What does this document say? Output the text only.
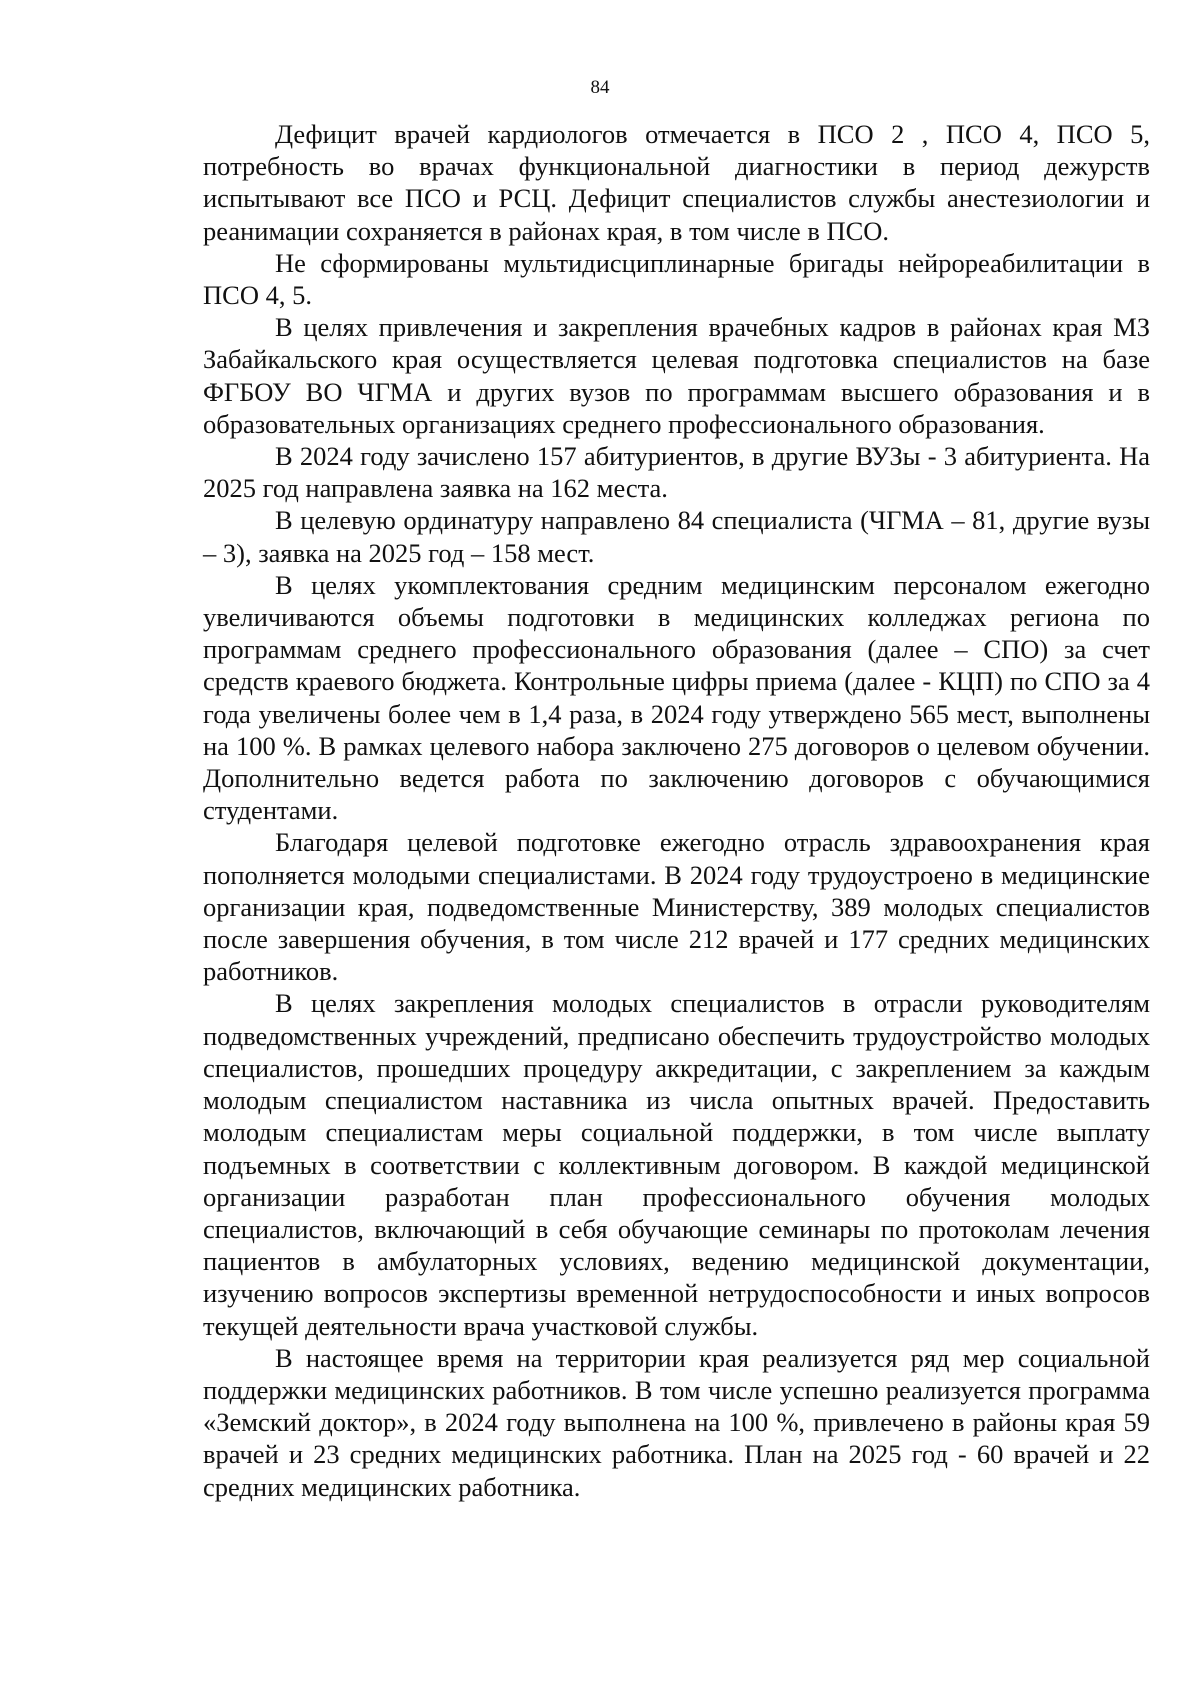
84

Дефицит врачей кардиологов отмечается в ПСО 2 , ПСО 4, ПСО 5, потребность во врачах функциональной диагностики в период дежурств испытывают все ПСО и РСЦ. Дефицит специалистов службы анестезиологии и реанимации сохраняется в районах края, в том числе в ПСО.

Не сформированы мультидисциплинарные бригады нейрореабилитации в ПСО 4, 5.

В целях привлечения и закрепления врачебных кадров в районах края МЗ Забайкальского края осуществляется целевая подготовка специалистов на базе ФГБОУ ВО ЧГМА и других вузов по программам высшего образования и в образовательных организациях среднего профессионального образования.

В 2024 году зачислено 157 абитуриентов, в другие ВУЗы - 3 абитуриента. На 2025 год направлена заявка на 162 места.

В целевую ординатуру направлено 84 специалиста (ЧГМА – 81, другие вузы – 3), заявка на 2025 год – 158 мест.

В целях укомплектования средним медицинским персоналом ежегодно увеличиваются объемы подготовки в медицинских колледжах региона по программам среднего профессионального образования (далее – СПО) за счет средств краевого бюджета. Контрольные цифры приема (далее - КЦП) по СПО за 4 года увеличены более чем в 1,4 раза, в 2024 году утверждено 565 мест, выполнены на 100 %. В рамках целевого набора заключено 275 договоров о целевом обучении. Дополнительно ведется работа по заключению договоров с обучающимися студентами.

Благодаря целевой подготовке ежегодно отрасль здравоохранения края пополняется молодыми специалистами. В 2024 году трудоустроено в медицинские организации края, подведомственные Министерству, 389 молодых специалистов после завершения обучения, в том числе 212 врачей и 177 средних медицинских работников.

В целях закрепления молодых специалистов в отрасли руководителям подведомственных учреждений, предписано обеспечить трудоустройство молодых специалистов, прошедших процедуру аккредитации, с закреплением за каждым молодым специалистом наставника из числа опытных врачей. Предоставить молодым специалистам меры социальной поддержки, в том числе выплату подъемных в соответствии с коллективным договором. В каждой медицинской организации разработан план профессионального обучения молодых специалистов, включающий в себя обучающие семинары по протоколам лечения пациентов в амбулаторных условиях, ведению медицинской документации, изучению вопросов экспертизы временной нетрудоспособности и иных вопросов текущей деятельности врача участковой службы.

В настоящее время на территории края реализуется ряд мер социальной поддержки медицинских работников. В том числе успешно реализуется программа «Земский доктор», в 2024 году выполнена на 100 %, привлечено в районы края 59 врачей и 23 средних медицинских работника. План на 2025 год - 60 врачей и 22 средних медицинских работника.
